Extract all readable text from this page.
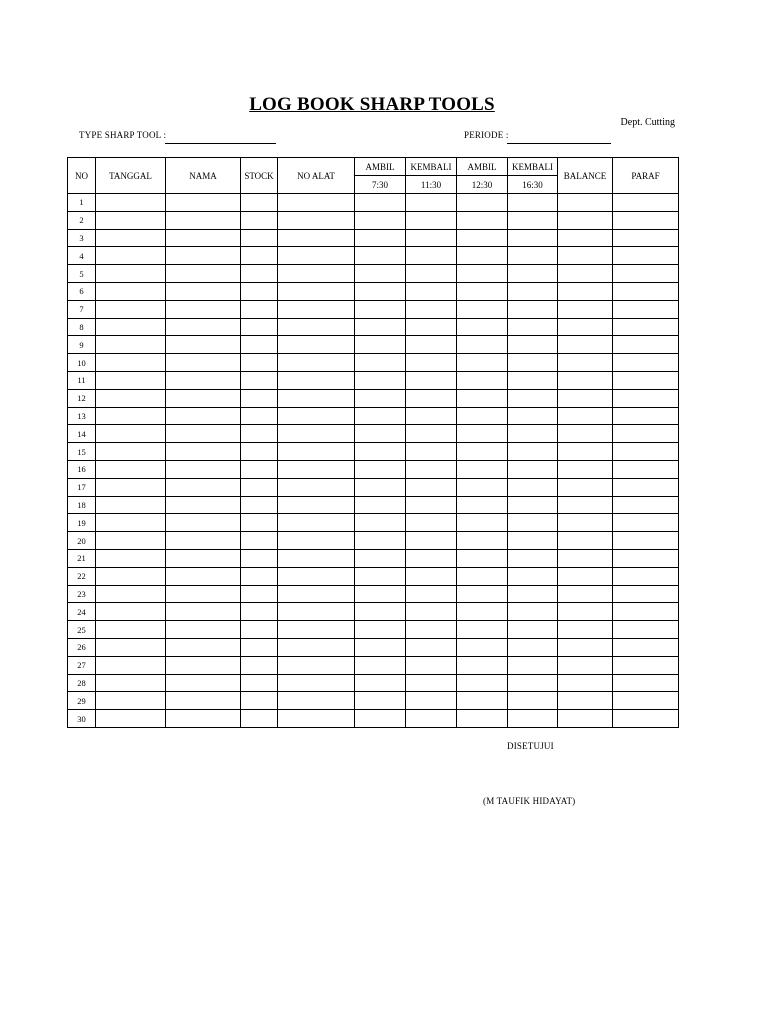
LOG BOOK SHARP TOOLS
Dept. Cutting
TYPE SHARP TOOL :	PERIODE :
NO	TANGGAL	NAMA	STOCK	NO ALAT	AMBIL	KEMBALI	AMBIL	KEMBALI	BALANCE	PARAF
					7:30	11:30	12:30	16:30		
1										
2										
3										
4										
5										
6										
7										
8										
9										
10										
11										
12										
13										
14										
15										
16										
17										
18										
19										
20										
21										
22										
23										
24										
25										
26										
27										
28										
29										
30										
DISETUJUI
(M TAUFIK HIDAYAT)
